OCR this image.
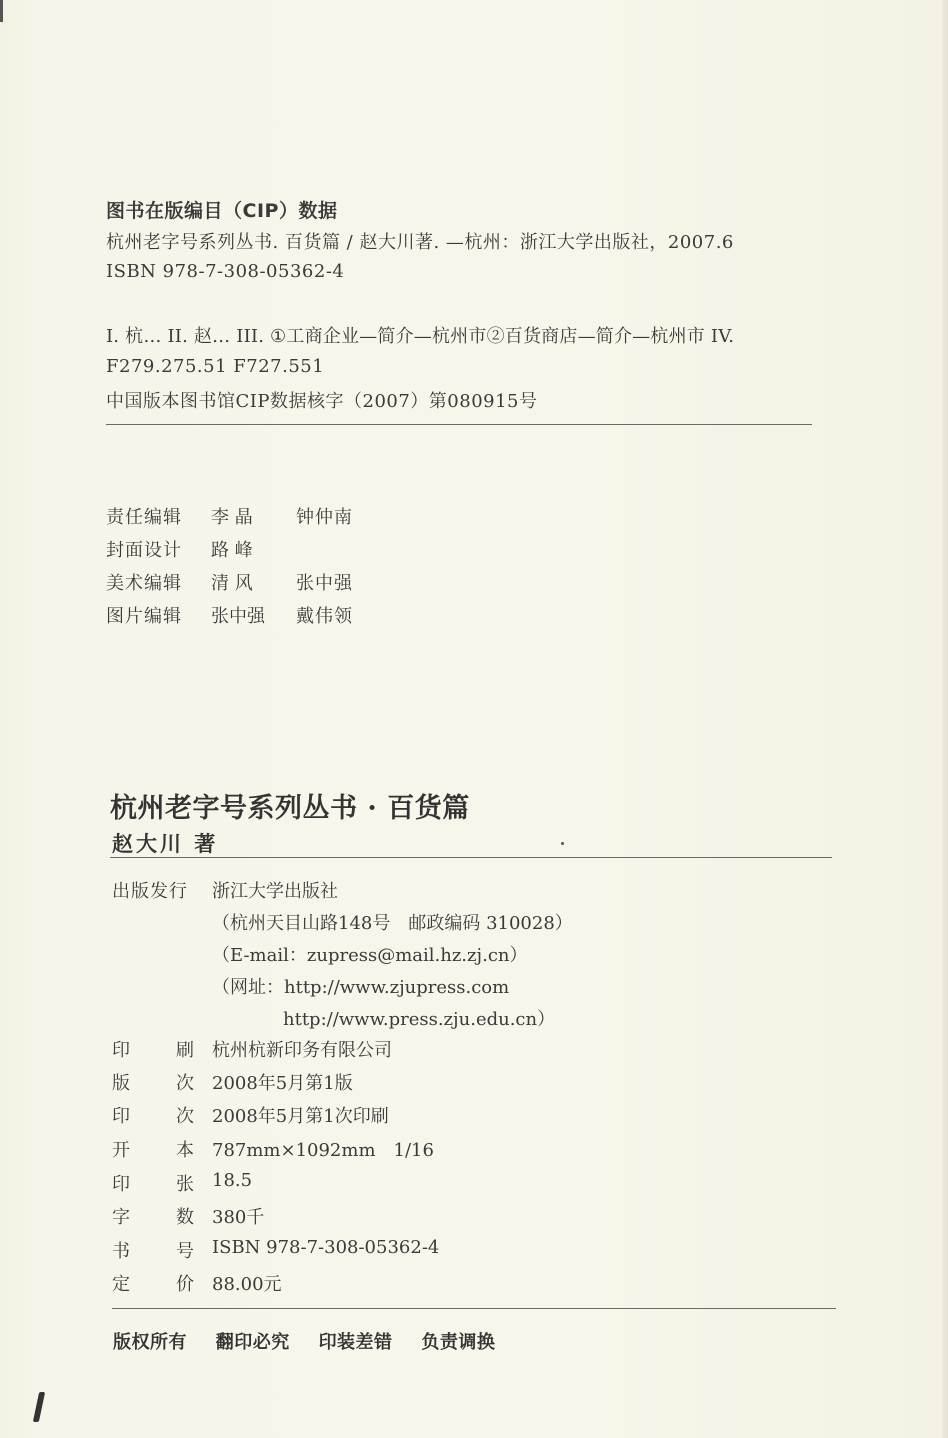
图书在版编目（CIP）数据
杭州老字号系列丛书. 百货篇 / 赵大川著. —杭州：浙江大学出版社，2007.6
ISBN 978-7-308-05362-4
I. 杭… II. 赵… III. ①工商企业—简介—杭州市②百货商店—简介—杭州市 IV.
F279.275.51 F727.551
中国版本图书馆CIP数据核字（2007）第080915号
责任编辑 李 晶 钟仲南
封面设计 路 峰
美术编辑 清 风 张中强
图片编辑 张中强 戴伟领
杭州老字号系列丛书 · 百货篇
赵大川 著
出版发行 浙江大学出版社
（杭州天目山路148号　邮政编码 310028）
（E-mail：zupress@mail.hz.zj.cn）
（网址：http://www.zjupress.com
http://www.press.zju.edu.cn）
印	刷 杭州杭新印务有限公司
版	次 2008年5月第1版
印	次 2008年5月第1次印刷
开	本 787mm×1092mm　1/16
印	张 18.5
字	数 380千
书	号 ISBN 978-7-308-05362-4
定	价 88.00元
版权所有 翻印必究 印装差错 负责调换
